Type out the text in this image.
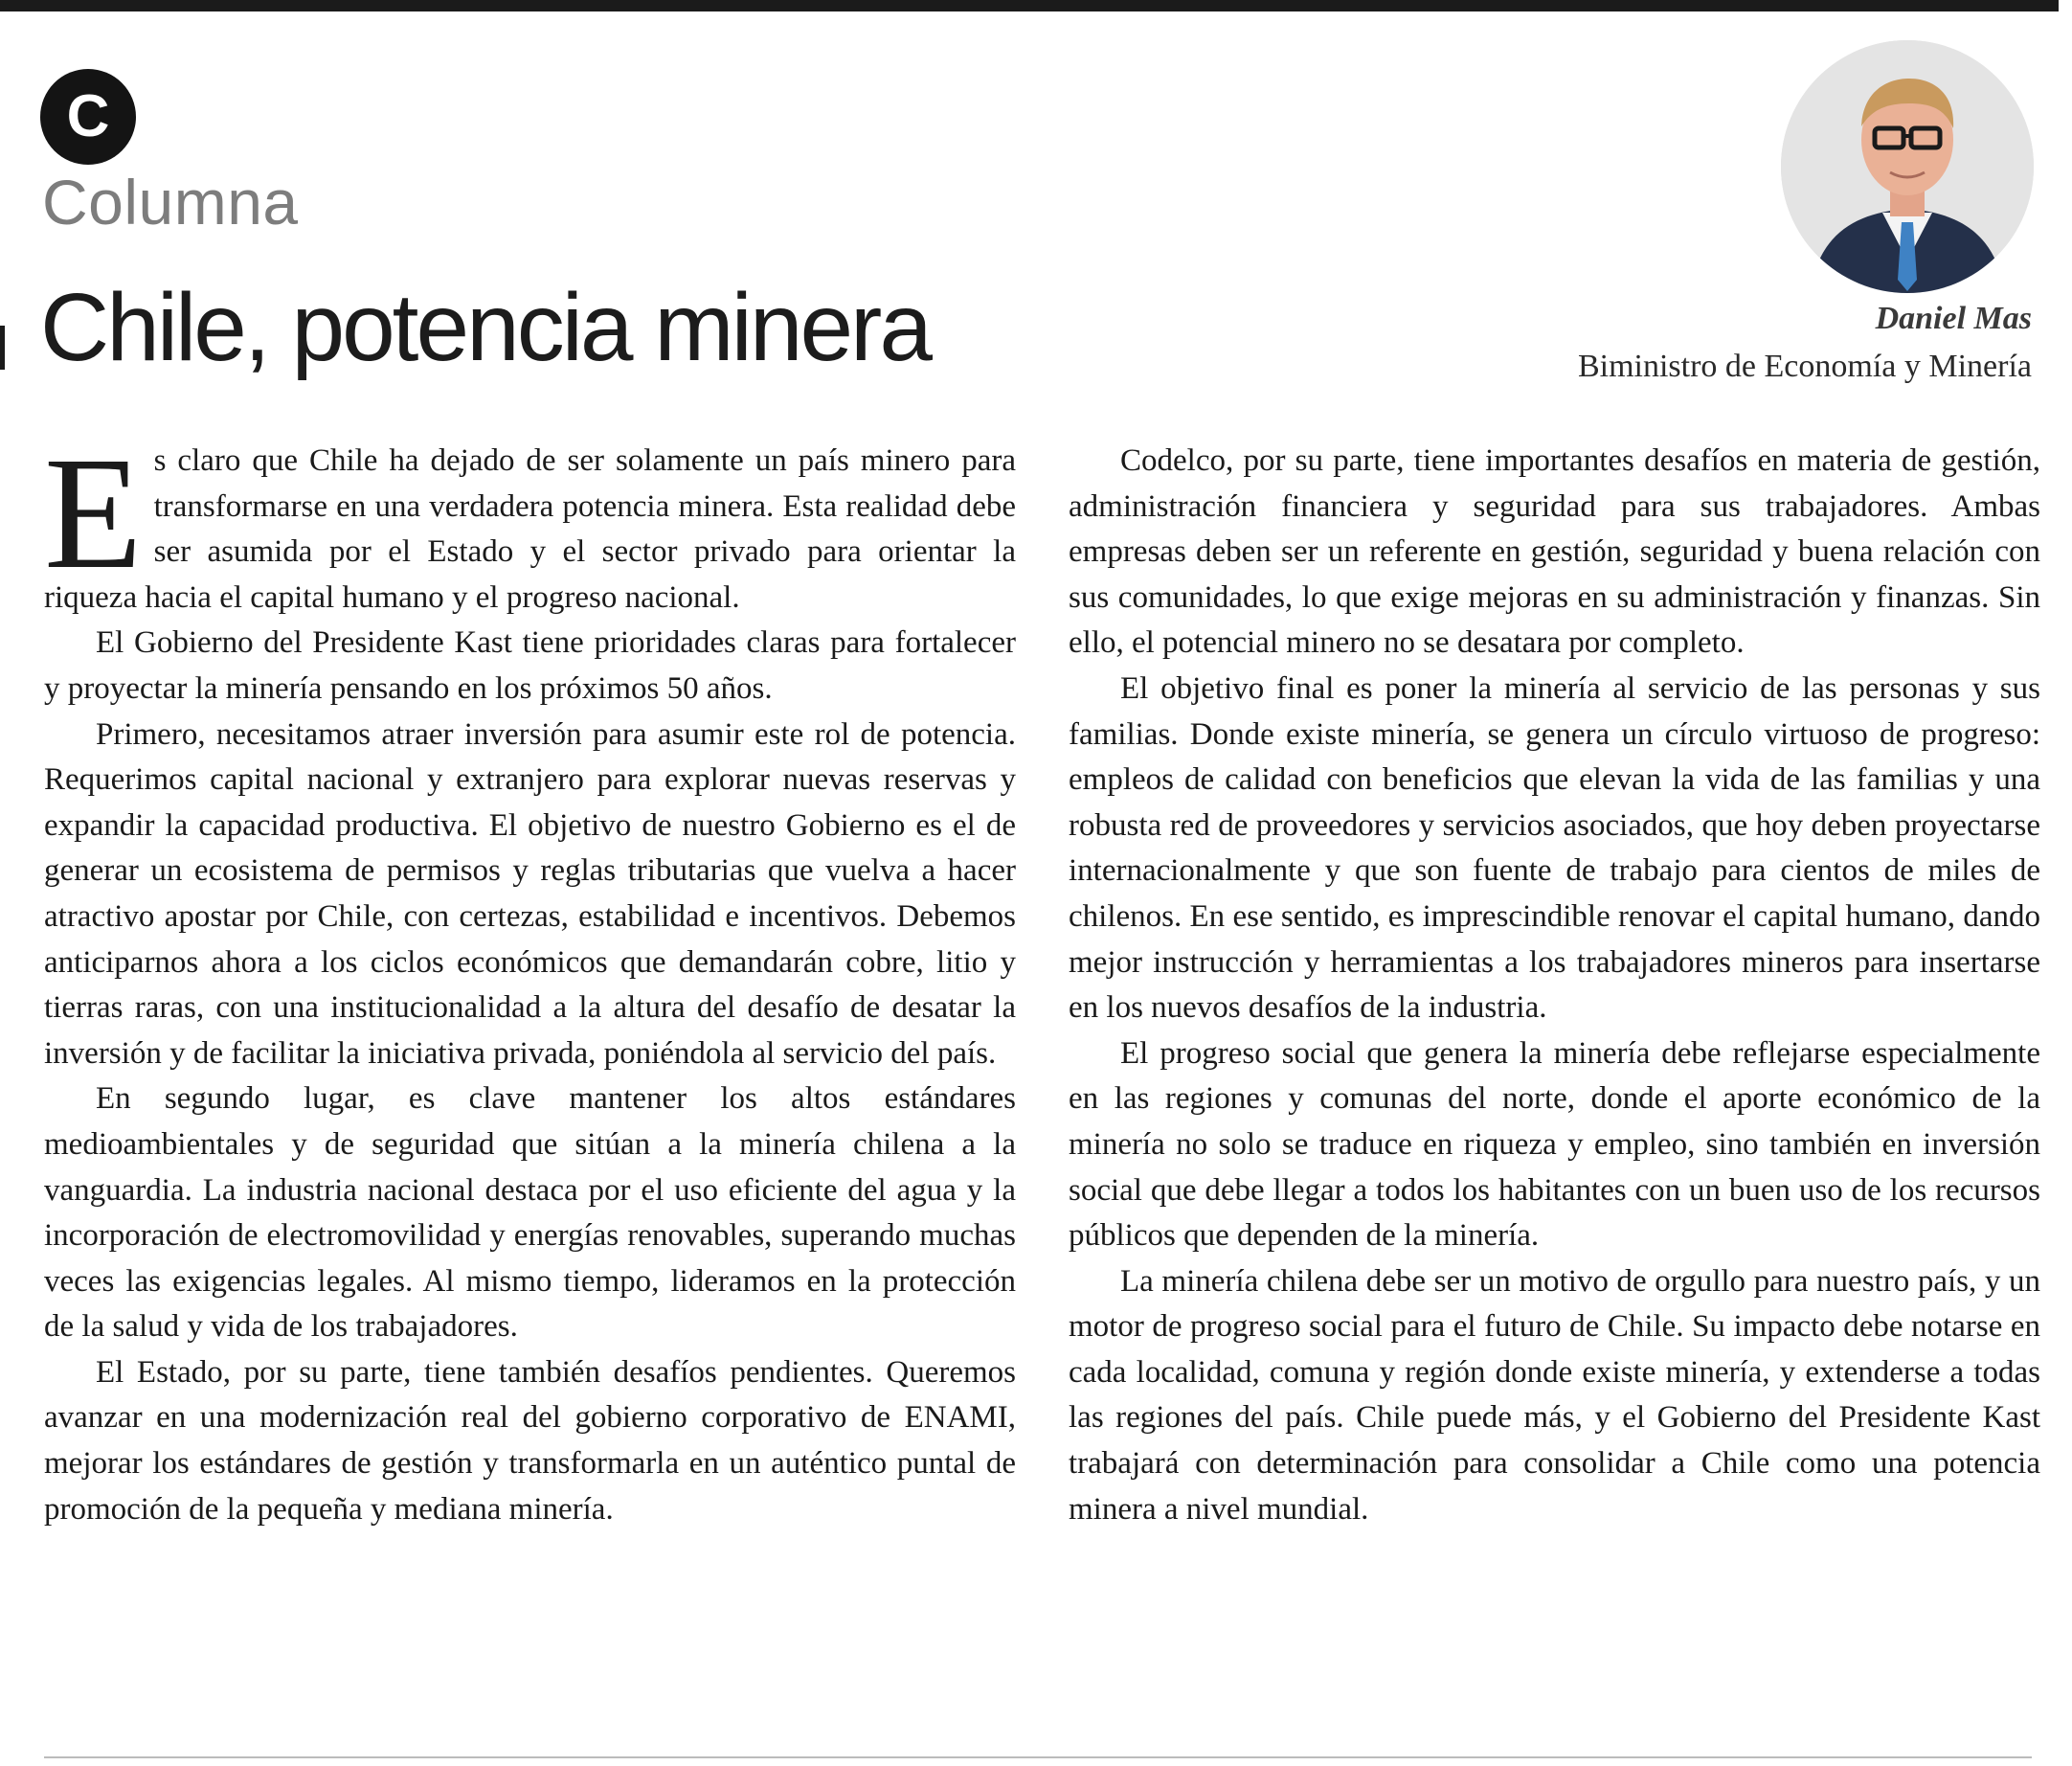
C
Columna
Chile, potencia minera	Daniel Mas
Biministro de Economía y Minería

Es claro que Chile ha dejado de ser solamente un país minero para transformarse en una verdadera potencia minera. Esta realidad debe ser asumida por el Estado y el sector privado para orientar la riqueza hacia el capital humano y el progreso nacional.

El Gobierno del Presidente Kast tiene prioridades claras para fortalecer y proyectar la minería pensando en los próximos 50 años.

Primero, necesitamos atraer inversión para asumir este rol de potencia. Requerimos capital nacional y extranjero para explorar nuevas reservas y expandir la capacidad productiva. El objetivo de nuestro Gobierno es el de generar un ecosistema de permisos y reglas tributarias que vuelva a hacer atractivo apostar por Chile, con certezas, estabilidad e incentivos. Debemos anticiparnos ahora a los ciclos económicos que demandarán cobre, litio y tierras raras, con una institucionalidad a la altura del desafío de desatar la inversión y de facilitar la iniciativa privada, poniéndola al servicio del país.

En segundo lugar, es clave mantener los altos estándares medioambientales y de seguridad que sitúan a la minería chilena a la vanguardia. La industria nacional destaca por el uso eficiente del agua y la incorporación de electromovilidad y energías renovables, superando muchas veces las exigencias legales. Al mismo tiempo, lideramos en la protección de la salud y vida de los trabajadores.

El Estado, por su parte, tiene también desafíos pendientes. Queremos avanzar en una modernización real del gobierno corporativo de ENAMI, mejorar los estándares de gestión y transformarla en un auténtico puntal de promoción de la pequeña y mediana minería.

Codelco, por su parte, tiene importantes desafíos en materia de gestión, administración financiera y seguridad para sus trabajadores. Ambas empresas deben ser un referente en gestión, seguridad y buena relación con sus comunidades, lo que exige mejoras en su administración y finanzas. Sin ello, el potencial minero no se desatara por completo.

El objetivo final es poner la minería al servicio de las personas y sus familias. Donde existe minería, se genera un círculo virtuoso de progreso: empleos de calidad con beneficios que elevan la vida de las familias y una robusta red de proveedores y servicios asociados, que hoy deben proyectarse internacionalmente y que son fuente de trabajo para cientos de miles de chilenos. En ese sentido, es imprescindible renovar el capital humano, dando mejor instrucción y herramientas a los trabajadores mineros para insertarse en los nuevos desafíos de la industria.

El progreso social que genera la minería debe reflejarse especialmente en las regiones y comunas del norte, donde el aporte económico de la minería no solo se traduce en riqueza y empleo, sino también en inversión social que debe llegar a todos los habitantes con un buen uso de los recursos públicos que dependen de la minería.

La minería chilena debe ser un motivo de orgullo para nuestro país, y un motor de progreso social para el futuro de Chile. Su impacto debe notarse en cada localidad, comuna y región donde existe minería, y extenderse a todas las regiones del país. Chile puede más, y el Gobierno del Presidente Kast trabajará con determinación para consolidar a Chile como una potencia minera a nivel mundial.
